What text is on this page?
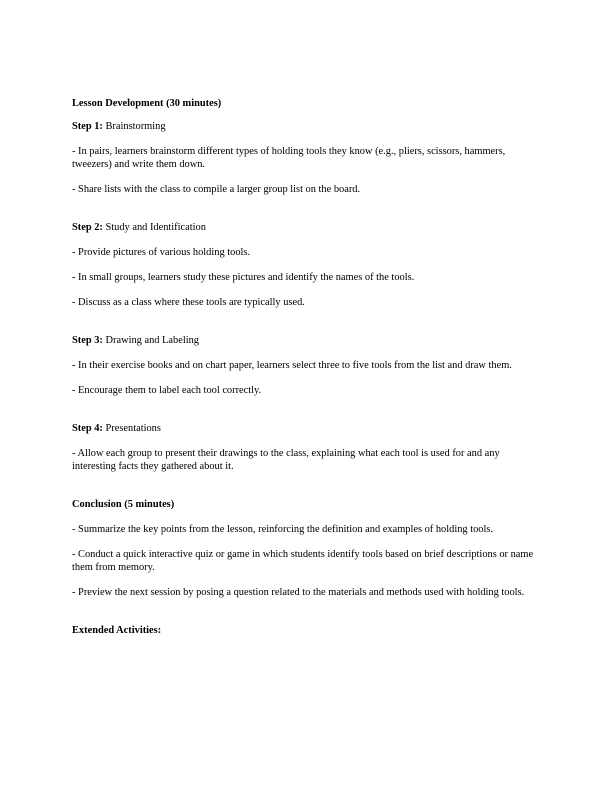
Lesson Development (30 minutes)

Step 1: Brainstorming

- In pairs, learners brainstorm different types of holding tools they know (e.g., pliers, scissors, hammers, tweezers) and write them down.

- Share lists with the class to compile a larger group list on the board.

Step 2: Study and Identification

- Provide pictures of various holding tools.

- In small groups, learners study these pictures and identify the names of the tools.

- Discuss as a class where these tools are typically used.

Step 3: Drawing and Labeling

- In their exercise books and on chart paper, learners select three to five tools from the list and draw them.

- Encourage them to label each tool correctly.

Step 4: Presentations

- Allow each group to present their drawings to the class, explaining what each tool is used for and any interesting facts they gathered about it.

Conclusion (5 minutes)

- Summarize the key points from the lesson, reinforcing the definition and examples of holding tools.

- Conduct a quick interactive quiz or game in which students identify tools based on brief descriptions or name them from memory.

- Preview the next session by posing a question related to the materials and methods used with holding tools.

Extended Activities:
